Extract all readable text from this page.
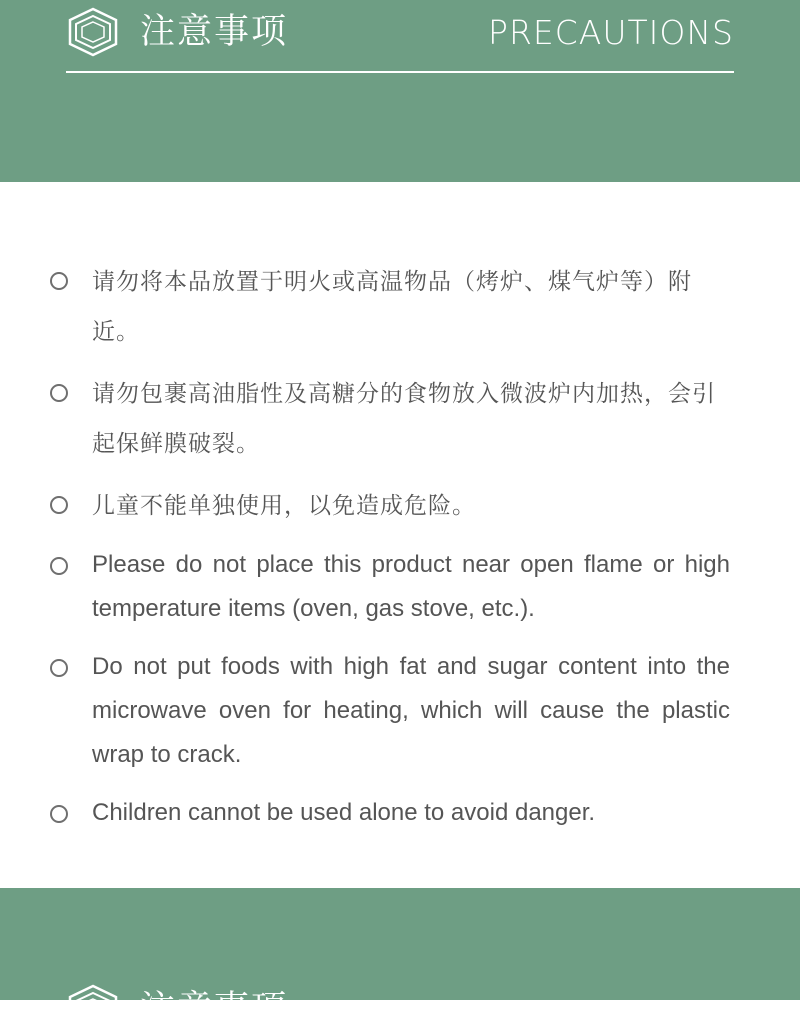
注意事项	PRECAUTIONS
请勿将本品放置于明火或高温物品（烤炉、煤气炉等）附近。
请勿包裹高油脂性及高糖分的食物放入微波炉内加热，会引起保鲜膜破裂。
儿童不能单独使用，以免造成危险。
Please do not place this product near open flame or high temperature items (oven, gas stove, etc.).
Do not put foods with high fat and sugar content into the microwave oven for heating, which will cause the plastic wrap to crack.
Children cannot be used alone to avoid danger.
注意事项
